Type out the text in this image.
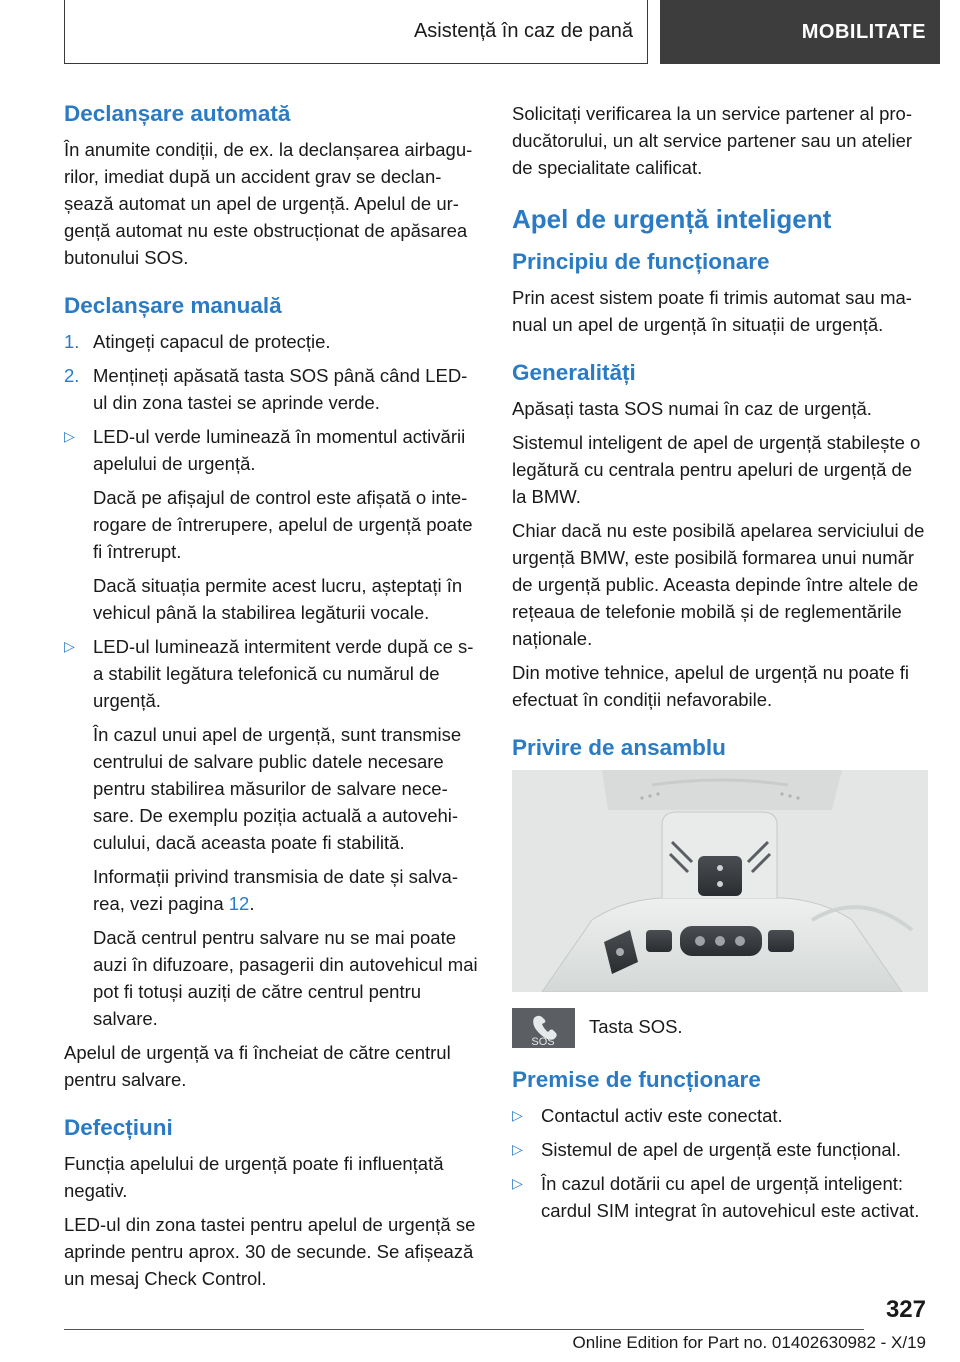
Asistență în caz de pană	MOBILITATE
Declanșare automată
În anumite condiții, de ex. la declanșarea airbagurilor, imediat după un accident grav se declanșează automat un apel de urgență. Apelul de urgență automat nu este obstrucționat de apăsarea butonului SOS.
Declanșare manuală
1. Atingeți capacul de protecție.
2. Mențineți apăsată tasta SOS până când LED-ul din zona tastei se aprinde verde.
▷ LED-ul verde luminează în momentul activării apelului de urgență.
Dacă pe afișajul de control este afișată o interogare de întrerupere, apelul de urgență poate fi întrerupt.
Dacă situația permite acest lucru, așteptați în vehicul până la stabilirea legăturii vocale.
▷ LED-ul luminează intermitent verde după ce s-a stabilit legătura telefonică cu numărul de urgență.
În cazul unui apel de urgență, sunt transmise centrului de salvare public datele necesare pentru stabilirea măsurilor de salvare necesare. De exemplu poziția actuală a autovehiculului, dacă aceasta poate fi stabilită.
Informații privind transmisia de date și salvarea, vezi pagina 12.
Dacă centrul pentru salvare nu se mai poate auzi în difuzoare, pasagerii din autovehicul mai pot fi totuși auziți de către centrul pentru salvare.
Apelul de urgență va fi încheiat de către centrul pentru salvare.
Defecțiuni
Funcția apelului de urgență poate fi influențată negativ.
LED-ul din zona tastei pentru apelul de urgență se aprinde pentru aprox. 30 de secunde. Se afișează un mesaj Check Control.
Solicitați verificarea la un service partener al producătorului, un alt service partener sau un atelier de specialitate calificat.
Apel de urgență inteligent
Principiu de funcționare
Prin acest sistem poate fi trimis automat sau manual un apel de urgență în situații de urgență.
Generalități
Apăsați tasta SOS numai în caz de urgență.
Sistemul inteligent de apel de urgență stabilește o legătură cu centrala pentru apeluri de urgență de la BMW.
Chiar dacă nu este posibilă apelarea serviciului de urgență BMW, este posibilă formarea unui număr de urgență public. Aceasta depinde între altele de rețeaua de telefonie mobilă și de reglementările naționale.
Din motive tehnice, apelul de urgență nu poate fi efectuat în condiții nefavorabile.
Privire de ansamblu
SOS
Tasta SOS.
Premise de funcționare
▷ Contactul activ este conectat.
▷ Sistemul de apel de urgență este funcțional.
▷ În cazul dotării cu apel de urgență inteligent: cardul SIM integrat în autovehicul este activat.
327
Online Edition for Part no. 01402630982 - X/19
